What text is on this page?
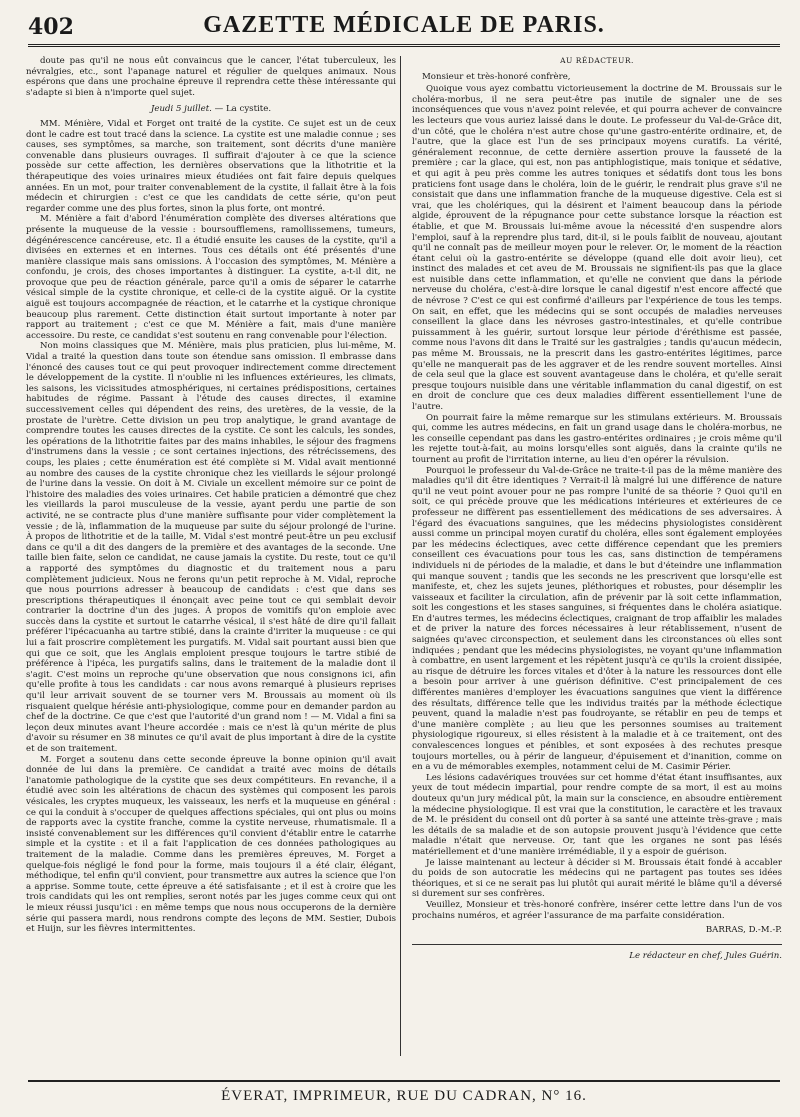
402	GAZETTE MÉDICALE DE PARIS.

doute pas qu'il ne nous eût convaincus que le cancer, l'état tuberculeux, les névralgies, etc., sont l'apanage naturel et régulier de quelques animaux. Nous espérons que dans une prochaine épreuve il reprendra cette thèse intéressante qui s'adapte si bien à n'importe quel sujet.

Jeudi 5 juillet. — La cystite.

MM. Ménière, Vidal et Forget ont traité de la cystite. Ce sujet est un de ceux dont le cadre est tout tracé dans la science. La cystite est une maladie connue ; ses causes, ses symptômes, sa marche, son traitement, sont décrits d'une manière convenable dans plusieurs ouvrages. Il suffirait d'ajouter à ce que la science possède sur cette affection, les dernières observations que la lithotritie et la thérapeutique des voies urinaires mieux étudiées ont fait faire depuis quelques années. En un mot, pour traiter convenablement de la cystite, il fallait être à la fois médecin et chirurgien : c'est ce que les candidats de cette série, qu'on peut regarder comme une des plus fortes, sinon la plus forte, ont montré.

M. Ménière a fait d'abord l'énumération complète des diverses altérations que présente la muqueuse de la vessie : boursoufflemens, ramollissemens, tumeurs, dégénérescence cancéreuse, etc. Il a étudié ensuite les causes de la cystite, qu'il a divisées en externes et en internes. Tous ces détails ont été présentés d'une manière classique mais sans omissions. À l'occasion des symptômes, M. Ménière a confondu, je crois, des choses importantes à distinguer. La cystite, a-t-il dit, ne provoque que peu de réaction générale, parce qu'il a omis de séparer le catarrhe vésical simple de la cystite chronique, et celle-ci de la cystite aiguë. Or la cystite aiguë est toujours accompagnée de réaction, et le catarrhe et la cystique chronique beaucoup plus rarement. Cette distinction était surtout importante à noter par rapport au traitement ; c'est ce que M. Ménière a fait, mais d'une manière accessoire. Du reste, ce candidat s'est soutenu en rang convenable pour l'élection.

Non moins classiques que M. Ménière, mais plus praticien, plus lui-même, M. Vidal a traité la question dans toute son étendue sans omission. Il embrasse dans l'énoncé des causes tout ce qui peut provoquer indirectement comme directement le développement de la cystite. Il n'oublie ni les influences extérieures, les climats, les saisons, les vicissitudes atmosphériques, ni certaines prédispositions, certaines habitudes de régime. Passant à l'étude des causes directes, il examine successivement celles qui dépendent des reins, des uretères, de la vessie, de la prostate de l'urètre. Cette division un peu trop analytique, le grand avantage de comprendre toutes les causes directes de la cystite. Ce sont les calculs, les sondes, les opérations de la lithotritie faites par des mains inhabiles, le séjour des fragmens d'instrumens dans la vessie ; ce sont certaines injections, des rétrécissemens, des coups, les plaies ; cette énumération est été complète si M. Vidal avait mentionné au nombre des causes de la cystite chronique chez les vieillards le séjour prolongé de l'urine dans la vessie. On doit à M. Civiale un excellent mémoire sur ce point de l'histoire des maladies des voies urinaires. Cet habile praticien a démontré que chez les vieillards la paroi musculeuse de la vessie, ayant perdu une partie de son activité, ne se contracte plus d'une manière suffisante pour vider complètement la vessie ; de là, inflammation de la muqueuse par suite du séjour prolongé de l'urine. À propos de lithotritie et de la taille, M. Vidal s'est montré peut-être un peu exclusif dans ce qu'il a dit des dangers de la première et des avantages de la seconde. Une taille bien faite, selon ce candidat, ne cause jamais la cystite. Du reste, tout ce qu'il a rapporté des symptômes du diagnostic et du traitement nous a paru complètement judicieux. Nous ne ferons qu'un petit reproche à M. Vidal, reproche que nous pourrions adresser à beaucoup de candidats : c'est que dans ses prescriptions thérapeutiques il énonçait avec peine tout ce qui semblait devoir contrarier la doctrine d'un des juges. À propos de vomitifs qu'on emploie avec succès dans la cystite et surtout le catarrhe vésical, il s'est hâté de dire qu'il fallait préférer l'ipécacuanha au tartre stibié, dans la crainte d'irriter la muqueuse : ce qui lui a fait proscrire complètement les purgatifs. M. Vidal sait pourtant aussi bien que qui que ce soit, que les Anglais emploient presque toujours le tartre stibié de préférence à l'ipéca, les purgatifs salins, dans le traitement de la maladie dont il s'agit. C'est moins un reproche qu'une observation que nous consignons ici, afin qu'elle profite à tous les candidats : car nous avons remarqué à plusieurs reprises qu'il leur arrivait souvent de se tourner vers M. Broussais au moment où ils risquaient quelque hérésie anti-physiologique, comme pour en demander pardon au chef de la doctrine. Ce que c'est que l'autorité d'un grand nom ! — M. Vidal a fini sa leçon deux minutes avant l'heure accordée : mais ce n'est là qu'un mérite de plus d'avoir su résumer en 38 minutes ce qu'il avait de plus important à dire de la cystite et de son traitement.

M. Forget a soutenu dans cette seconde épreuve la bonne opinion qu'il avait donnée de lui dans la première. Ce candidat a traité avec moins de détails l'anatomie pathologique de la cystite que ses deux compétiteurs. En revanche, il a étudié avec soin les altérations de chacun des systèmes qui composent les parois vésicales, les cryptes muqueux, les vaisseaux, les nerfs et la muqueuse en général : ce qui la conduit à s'occuper de quelques affections spéciales, qui ont plus ou moins de rapports avec la cystite franche, comme la cystite nerveuse, rhumatismale. Il a insisté convenablement sur les différences qu'il convient d'établir entre le catarrhe simple et la cystite : et il a fait l'application de ces données pathologiques au traitement de la maladie. Comme dans les premières épreuves, M. Forget a quelque-fois négligé le fond pour la forme, mais toujours il a été clair, élégant, méthodique, tel enfin qu'il convient, pour transmettre aux autres la science que l'on a apprise. Somme toute, cette épreuve a été satisfaisante ; et il est à croire que les trois candidats qui les ont remplies, seront notés par les juges comme ceux qui ont le mieux réussi jusqu'ici : en même temps que nous nous occuperons de la dernière série qui passera mardi, nous rendrons compte des leçons de MM. Sestier, Dubois et Huijn, sur les fièvres intermittentes.

AU RÉDACTEUR.

Monsieur et très-honoré confrère,

Quoique vous ayez combattu victorieusement la doctrine de M. Broussais sur le choléra-morbus, il ne sera peut-être pas inutile de signaler une de ses inconséquences que vous n'avez point relevée, et qui pourra achever de convaincre les lecteurs que vous auriez laissé dans le doute. Le professeur du Val-de-Grâce dit, d'un côté, que le choléra n'est autre chose qu'une gastro-entérite ordinaire, et, de l'autre, que la glace est l'un de ses principaux moyens curatifs. La vérité, généralement reconnue, de cette dernière assertion prouve la fausseté de la première ; car la glace, qui est, non pas antiphlogistique, mais tonique et sédative, et qui agit à peu près comme les autres toniques et sédatifs dont tous les bons praticiens font usage dans le choléra, loin de le guérir, le rendrait plus grave s'il ne consistait que dans une inflammation franche de la muqueuse digestive. Cela est si vrai, que les cholériques, qui la désirent et l'aiment beaucoup dans la période algide, éprouvent de la répugnance pour cette substance lorsque la réaction est établie, et que M. Broussais lui-même avoue la nécessité d'en suspendre alors l'emploi, sauf à la reprendre plus tard, dit-il, si le pouls faiblit de nouveau, ajoutant qu'il ne connaît pas de meilleur moyen pour le relever. Or, le moment de la réaction étant celui où la gastro-entérite se développe (quand elle doit avoir lieu), cet instinct des malades et cet aveu de M. Broussais ne signifient-ils pas que la glace est nuisible dans cette inflammation, et qu'elle ne convient que dans la période nerveuse du choléra, c'est-à-dire lorsque le canal digestif n'est encore affecté que de névrose ? C'est ce qui est confirmé d'ailleurs par l'expérience de tous les temps. On sait, en effet, que les médecins qui se sont occupés de maladies nerveuses conseillent la glace dans les névroses gastro-intestinales, et qu'elle contribue puissamment à les guérir, surtout lorsque leur période d'éréthisme est passée, comme nous l'avons dit dans le Traité sur les gastralgies ; tandis qu'aucun médecin, pas même M. Broussais, ne la prescrit dans les gastro-entérites légitimes, parce qu'elle ne manquerait pas de les aggraver et de les rendre souvent mortelles. Ainsi de cela seul que la glace est souvent avantageuse dans le choléra, et qu'elle serait presque toujours nuisible dans une véritable inflammation du canal digestif, on est en droit de conclure que ces deux maladies diffèrent essentiellement l'une de l'autre.

On pourrait faire la même remarque sur les stimulans extérieurs. M. Broussais qui, comme les autres médecins, en fait un grand usage dans le choléra-morbus, ne les conseille cependant pas dans les gastro-entérites ordinaires ; je crois même qu'il les rejette tout-à-fait, au moins lorsqu'elles sont aiguës, dans la crainte qu'ils ne tournent au profit de l'irritation interne, au lieu d'en opérer la révulsion.

Pourquoi le professeur du Val-de-Grâce ne traite-t-il pas de la même manière des maladies qu'il dit être identiques ? Verrait-il là malgré lui une différence de nature qu'il ne veut point avouer pour ne pas rompre l'unité de sa théorie ? Quoi qu'il en soit, ce qui précède prouve que les médications intérieures et extérieures de ce professeur ne diffèrent pas essentiellement des médications de ses adversaires. À l'égard des évacuations sanguines, que les médecins physiologistes considèrent aussi comme un principal moyen curatif du choléra, elles sont également employées par les médecins éclectiques, avec cette différence cependant que les premiers conseillent ces évacuations pour tous les cas, sans distinction de tempéramens individuels ni de périodes de la maladie, et dans le but d'éteindre une inflammation qui manque souvent ; tandis que les seconds ne les prescrivent que lorsqu'elle est manifeste, et, chez les sujets jeunes, pléthoriques et robustes, pour désemplir les vaisseaux et faciliter la circulation, afin de prévenir par là soit cette inflammation, soit les congestions et les stases sanguines, si fréquentes dans le choléra asiatique. En d'autres termes, les médecins éclectiques, craignant de trop affaiblir les malades et de priver la nature des forces nécessaires à leur rétablissement, n'usent de saignées qu'avec circonspection, et seulement dans les circonstances où elles sont indiquées ; pendant que les médecins physiologistes, ne voyant qu'une inflammation à combattre, en usent largement et les répètent jusqu'à ce qu'ils la croient dissipée, au risque de détruire les forces vitales et d'ôter à la nature les ressources dont elle a besoin pour arriver à une guérison définitive. C'est principalement de ces différentes manières d'employer les évacuations sanguines que vient la différence des résultats, différence telle que les individus traités par la méthode éclectique peuvent, quand la maladie n'est pas foudroyante, se rétablir en peu de temps et d'une manière complète ; au lieu que les personnes soumises au traitement physiologique rigoureux, si elles résistent à la maladie et à ce traitement, ont des convalescences longues et pénibles, et sont exposées à des rechutes presque toujours mortelles, ou à périr de langueur, d'épuisement et d'inanition, comme on en a vu de mémorables exemples, notamment celui de M. Casimir Périer.

Les lésions cadavériques trouvées sur cet homme d'état étant insuffisantes, aux yeux de tout médecin impartial, pour rendre compte de sa mort, il est au moins douteux qu'un jury médical pût, la main sur la conscience, en absoudre entièrement la médecine physiologique. Il est vrai que la constitution, le caractère et les travaux de M. le président du conseil ont dû porter à sa santé une atteinte très-grave ; mais les détails de sa maladie et de son autopsie prouvent jusqu'à l'évidence que cette maladie n'était que nerveuse. Or, tant que les organes ne sont pas lésés matériellement et d'une manière irrémédiable, il y a espoir de guérison.

Je laisse maintenant au lecteur à décider si M. Broussais était fondé à accabler du poids de son autocratie les médecins qui ne partagent pas toutes ses idées théoriques, et si ce ne serait pas lui plutôt qui aurait mérité le blâme qu'il a déversé si durement sur ses confrères.

Veuillez, Monsieur et très-honoré confrère, insérer cette lettre dans l'un de vos prochains numéros, et agréer l'assurance de ma parfaite considération.

BARRAS, D.-M.-P.

Le rédacteur en chef, Jules Guérin.

ÉVERAT, IMPRIMEUR, RUE DU CADRAN, N° 16.
